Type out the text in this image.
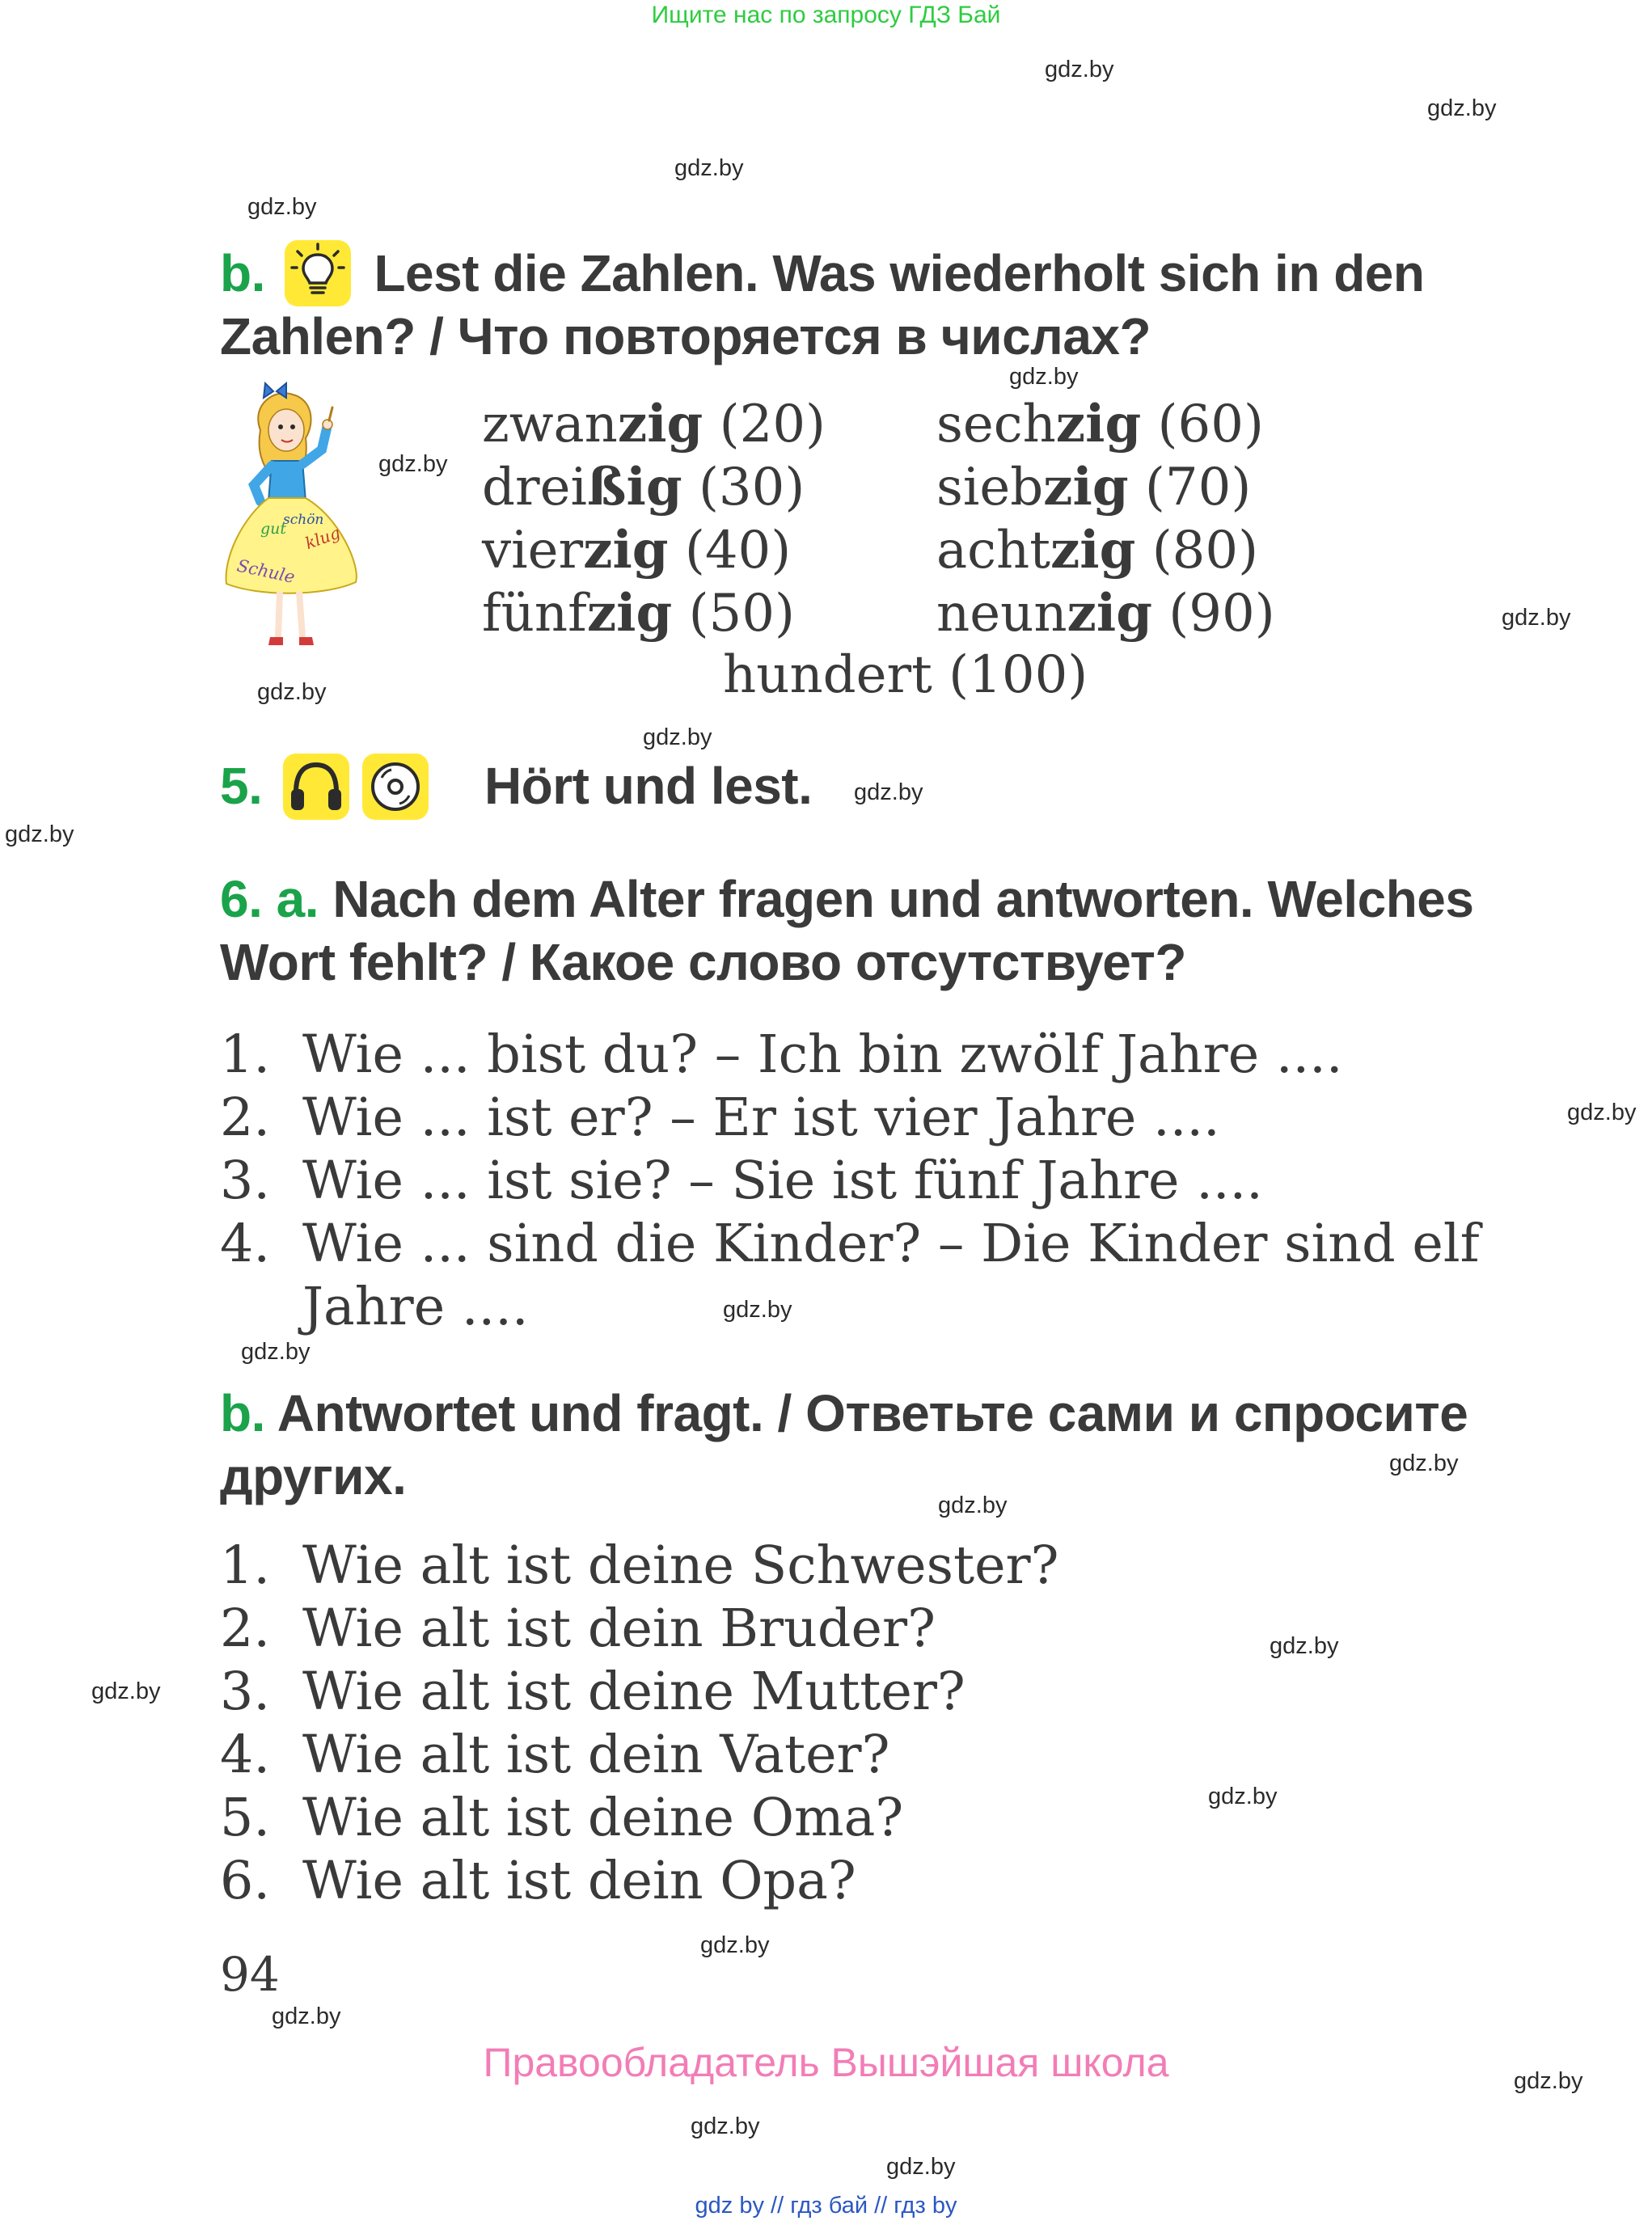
Ищите нас по запросу ГДЗ Бай
gdz.by
gdz.by
gdz.by
gdz.by
gdz.by
gdz.by
gdz.by
gdz.by
gdz.by
gdz.by
gdz.by
gdz.by
gdz.by
gdz.by
gdz.by
gdz.by
gdz.by
gdz.by
gdz.by
gdz.by
gdz.by
gdz.by
gdz.by
gdz.by
b. Lest die Zahlen. Was wiederholt sich in den
Zahlen? / Что повторяется в числах?
gut
schön
klug
Schule
zwanzig (20)
dreißig (30)
vierzig (40)
fünfzig (50)
sechzig (60)
siebzig (70)
achtzig (80)
neunzig (90)
hundert (100)
5.	Hört und lest.
6. a. Nach dem Alter fragen und antworten. Welches
Wort fehlt? / Какое слово отсутствует?
1. Wie ... bist du? – Ich bin zwölf Jahre ....
2. Wie ... ist er? – Er ist vier Jahre ....
3. Wie ... ist sie? – Sie ist fünf Jahre ....
4. Wie ... sind die Kinder? – Die Kinder sind elf
Jahre ....
b. Antwortet und fragt. / Ответьте сами и спросите
других.
1. Wie alt ist deine Schwester?
2. Wie alt ist dein Bruder?
3. Wie alt ist deine Mutter?
4. Wie alt ist dein Vater?
5. Wie alt ist deine Oma?
6. Wie alt ist dein Opa?
94
Правообладатель Вышэйшая школа
gdz by // гдз бай // гдз by
